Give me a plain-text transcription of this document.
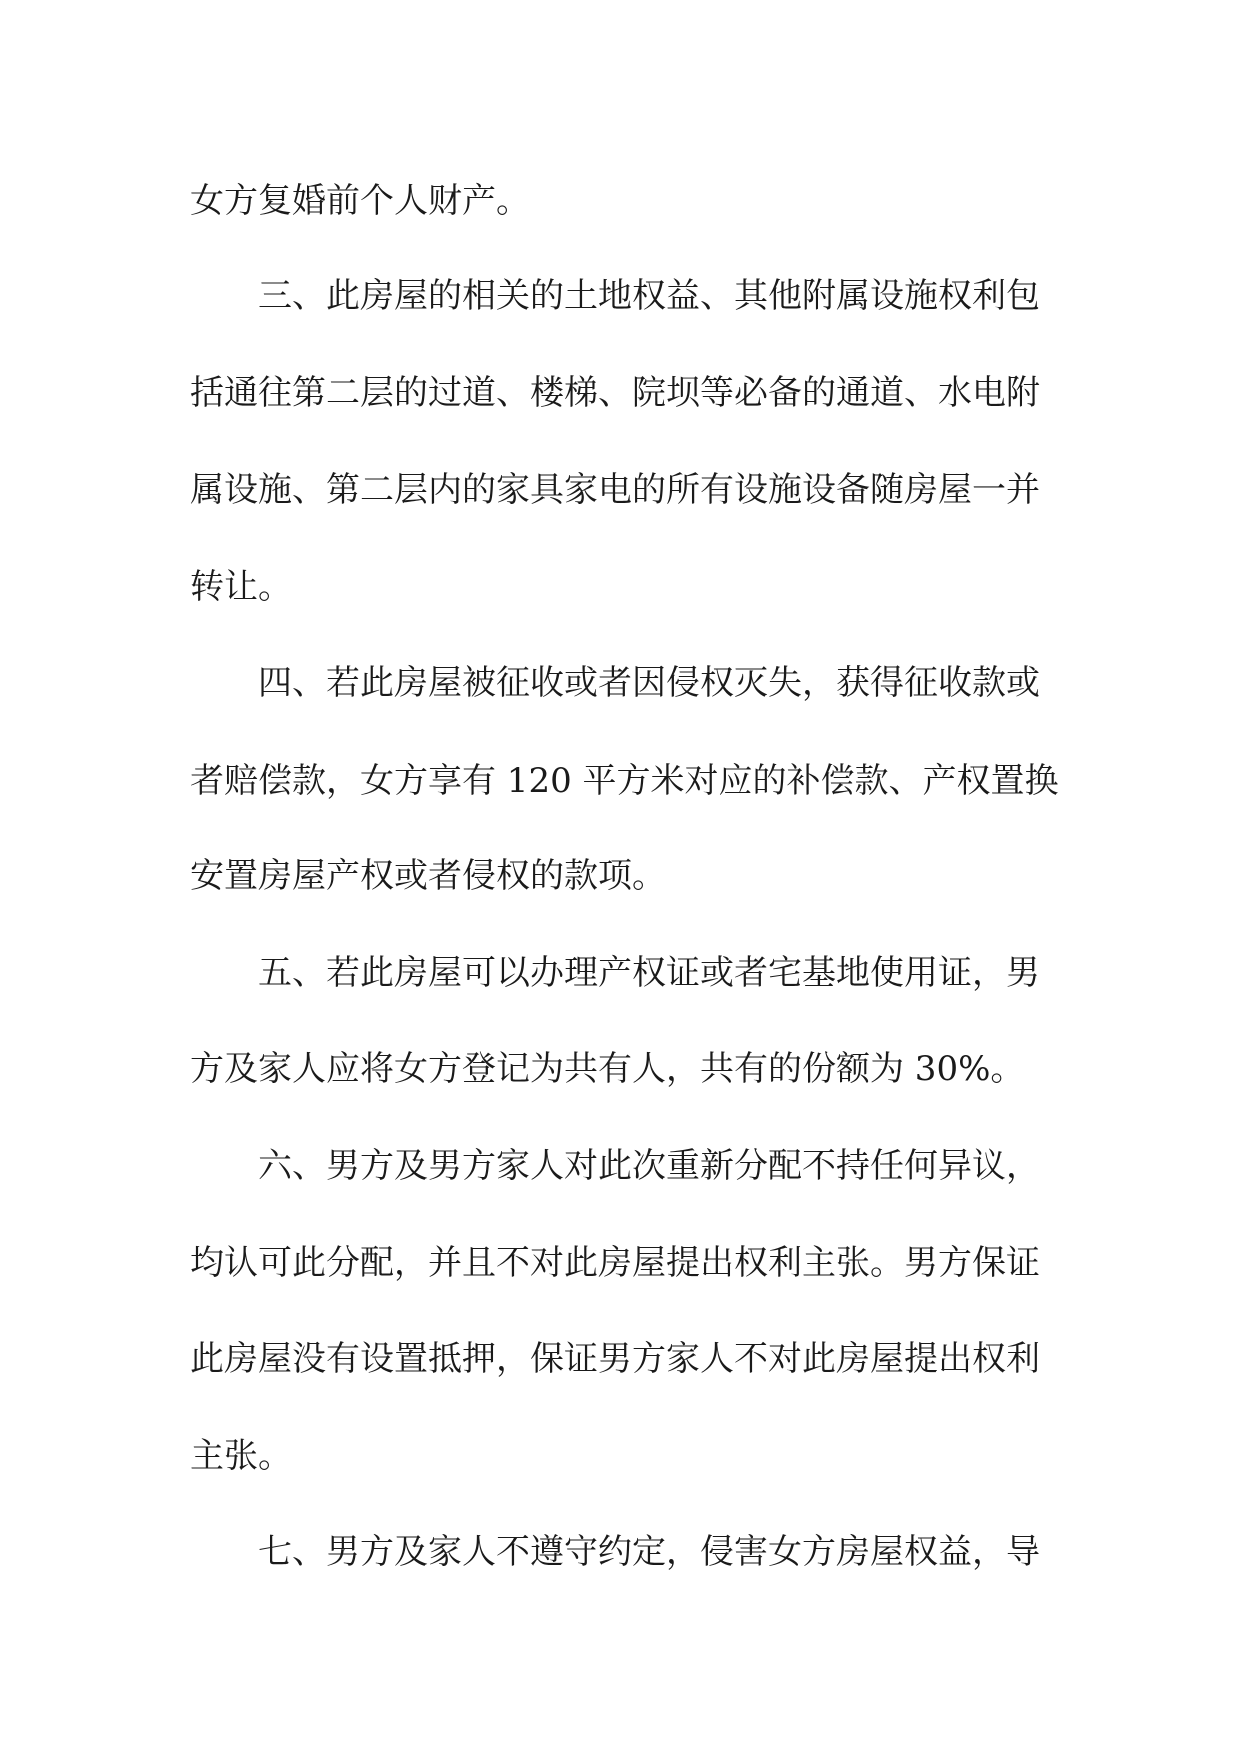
女方复婚前个人财产。
三、此房屋的相关的土地权益、其他附属设施权利包
括通往第二层的过道、楼梯、院坝等必备的通道、水电附
属设施、第二层内的家具家电的所有设施设备随房屋一并
转让。
四、若此房屋被征收或者因侵权灭失，获得征收款或
者赔偿款，女方享有 120 平方米对应的补偿款、产权置换
安置房屋产权或者侵权的款项。
五、若此房屋可以办理产权证或者宅基地使用证，男
方及家人应将女方登记为共有人，共有的份额为 30%。
六、男方及男方家人对此次重新分配不持任何异议，
均认可此分配，并且不对此房屋提出权利主张。男方保证
此房屋没有设置抵押，保证男方家人不对此房屋提出权利
主张。
七、男方及家人不遵守约定，侵害女方房屋权益，导
